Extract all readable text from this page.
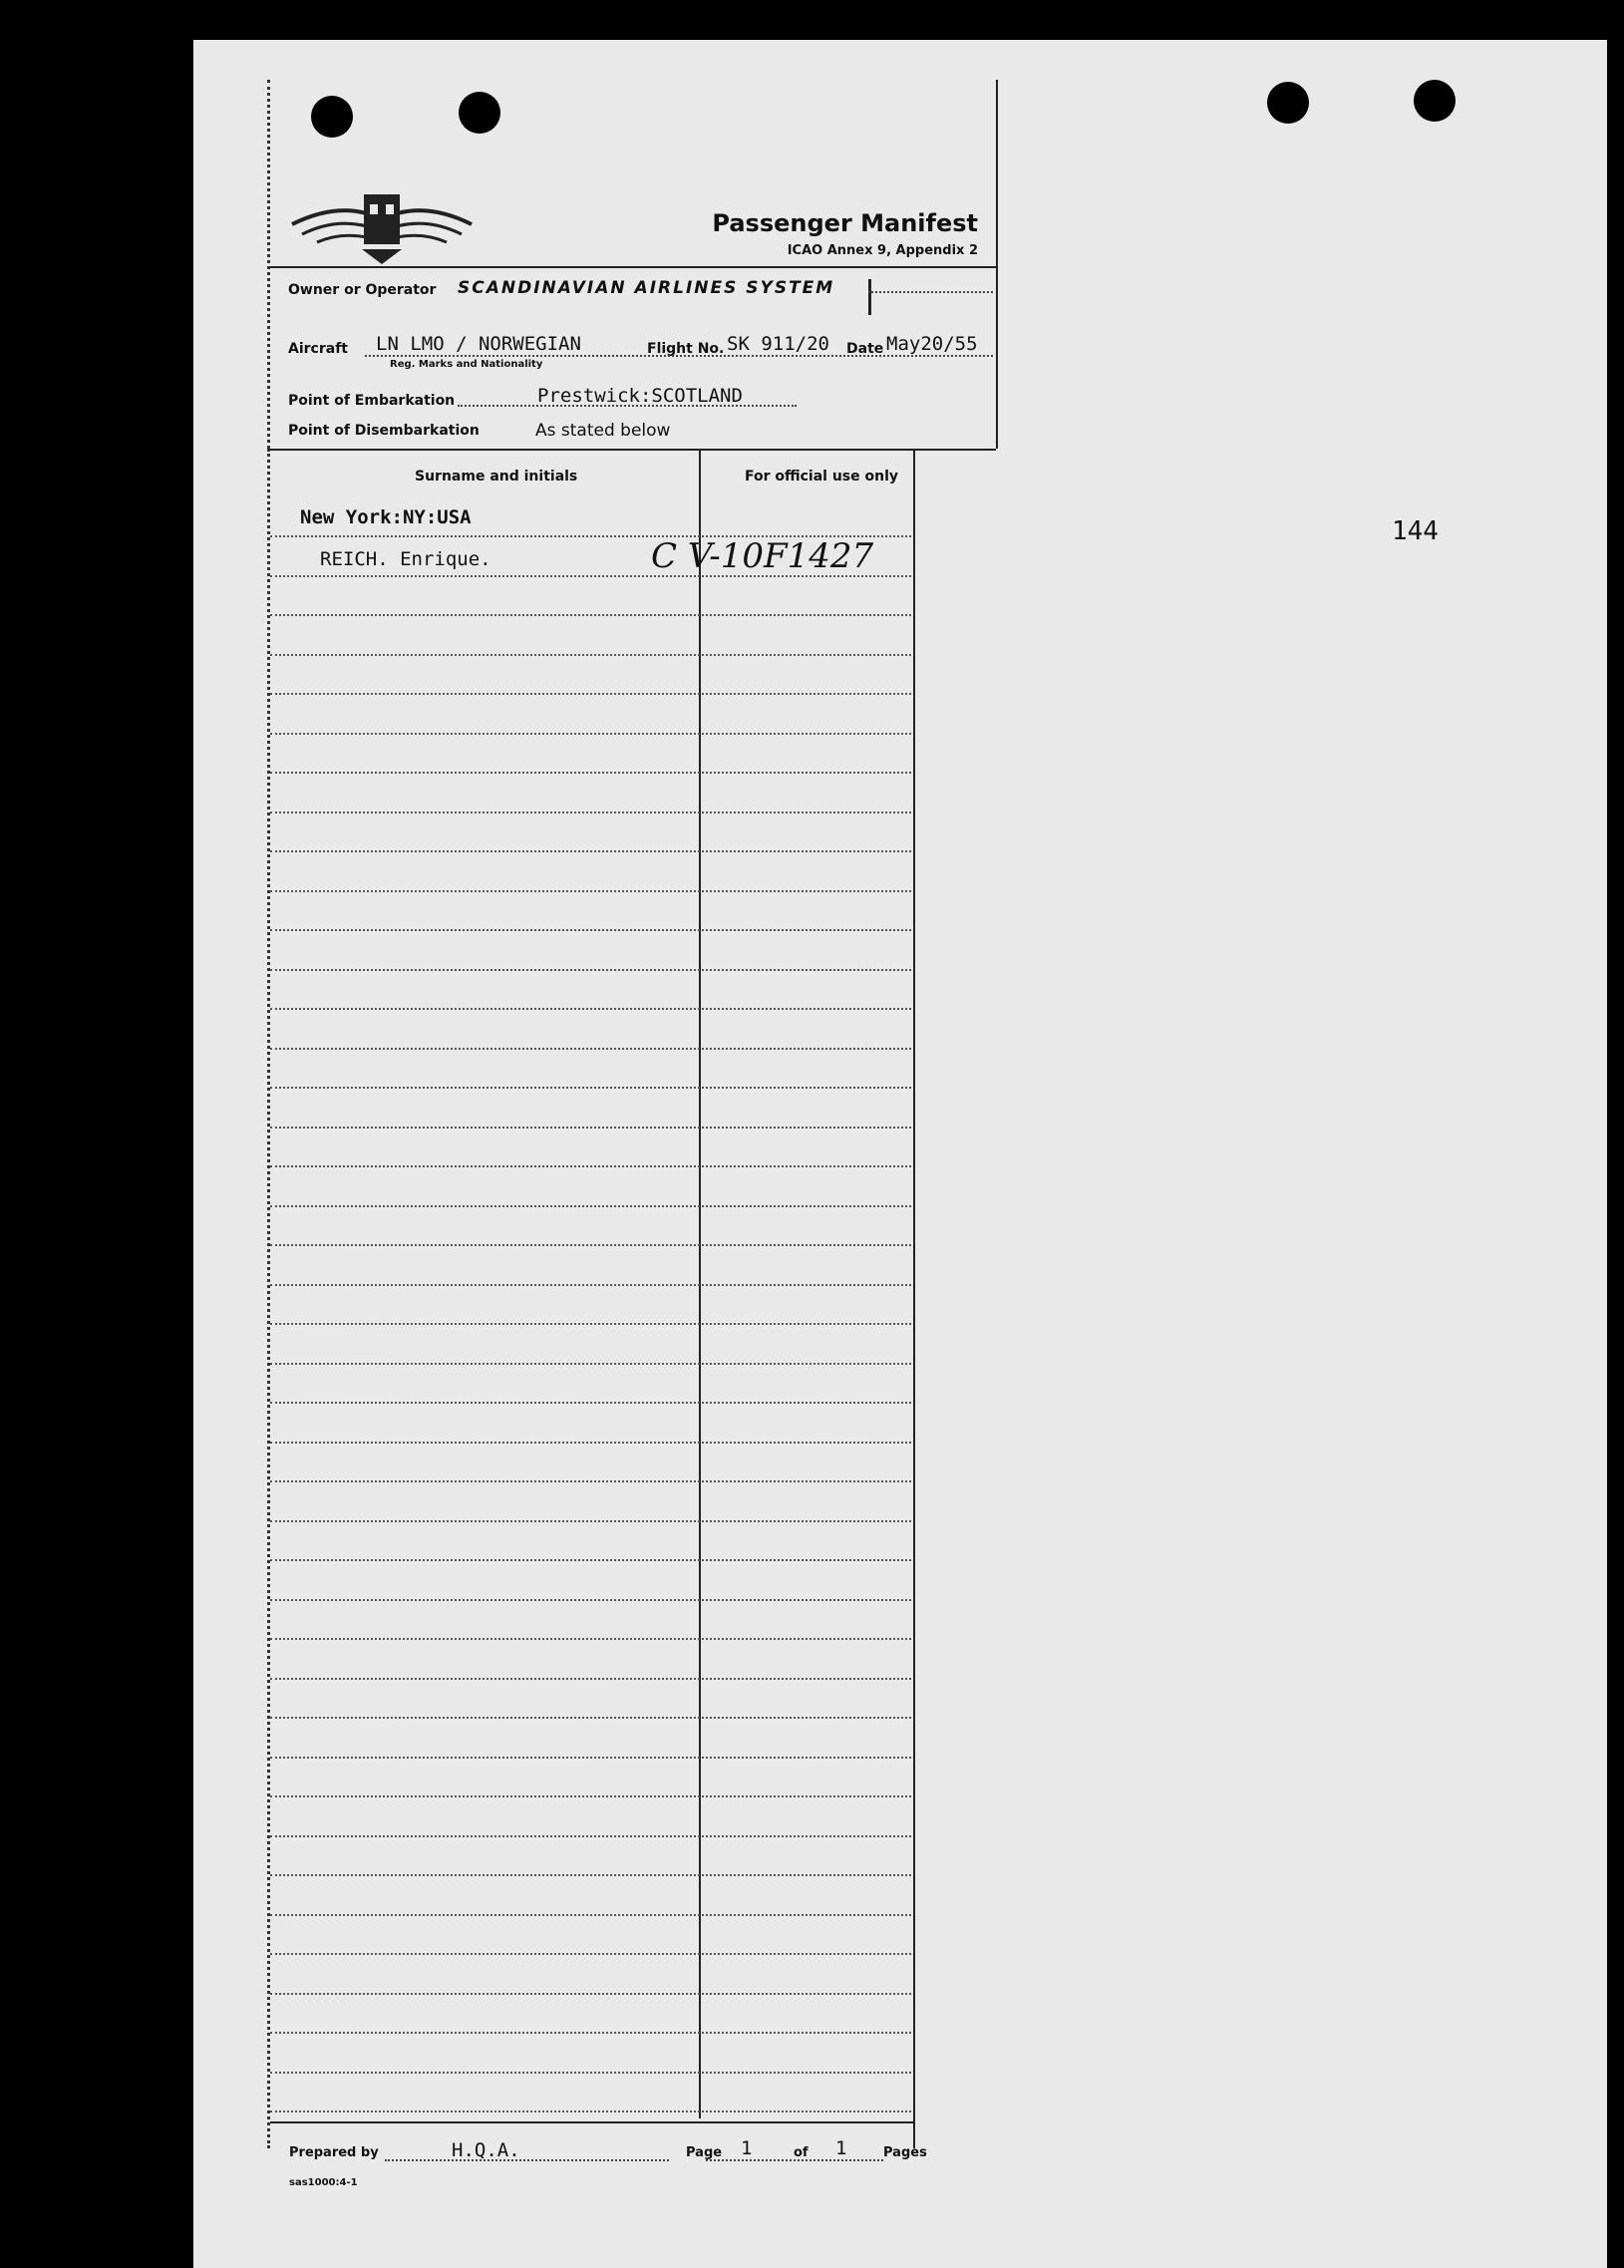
144
Passenger Manifest
ICAO Annex 9, Appendix 2
Owner or Operator SCANDINAVIAN AIRLINES SYSTEM
Aircraft LN LMO / NORWEGIAN
Reg. Marks and Nationality
Flight No. SK 911/20 Date May20/55
Point of Embarkation	Prestwick:SCOTLAND
Point of Disembarkation	As stated below
Surname and initials	For official use only
New York:NY:USA
REICH. Enrique.	C V-10F1427
Prepared by	H.Q.A.	Page 1	of 1	Pages
sas1000:4-1
